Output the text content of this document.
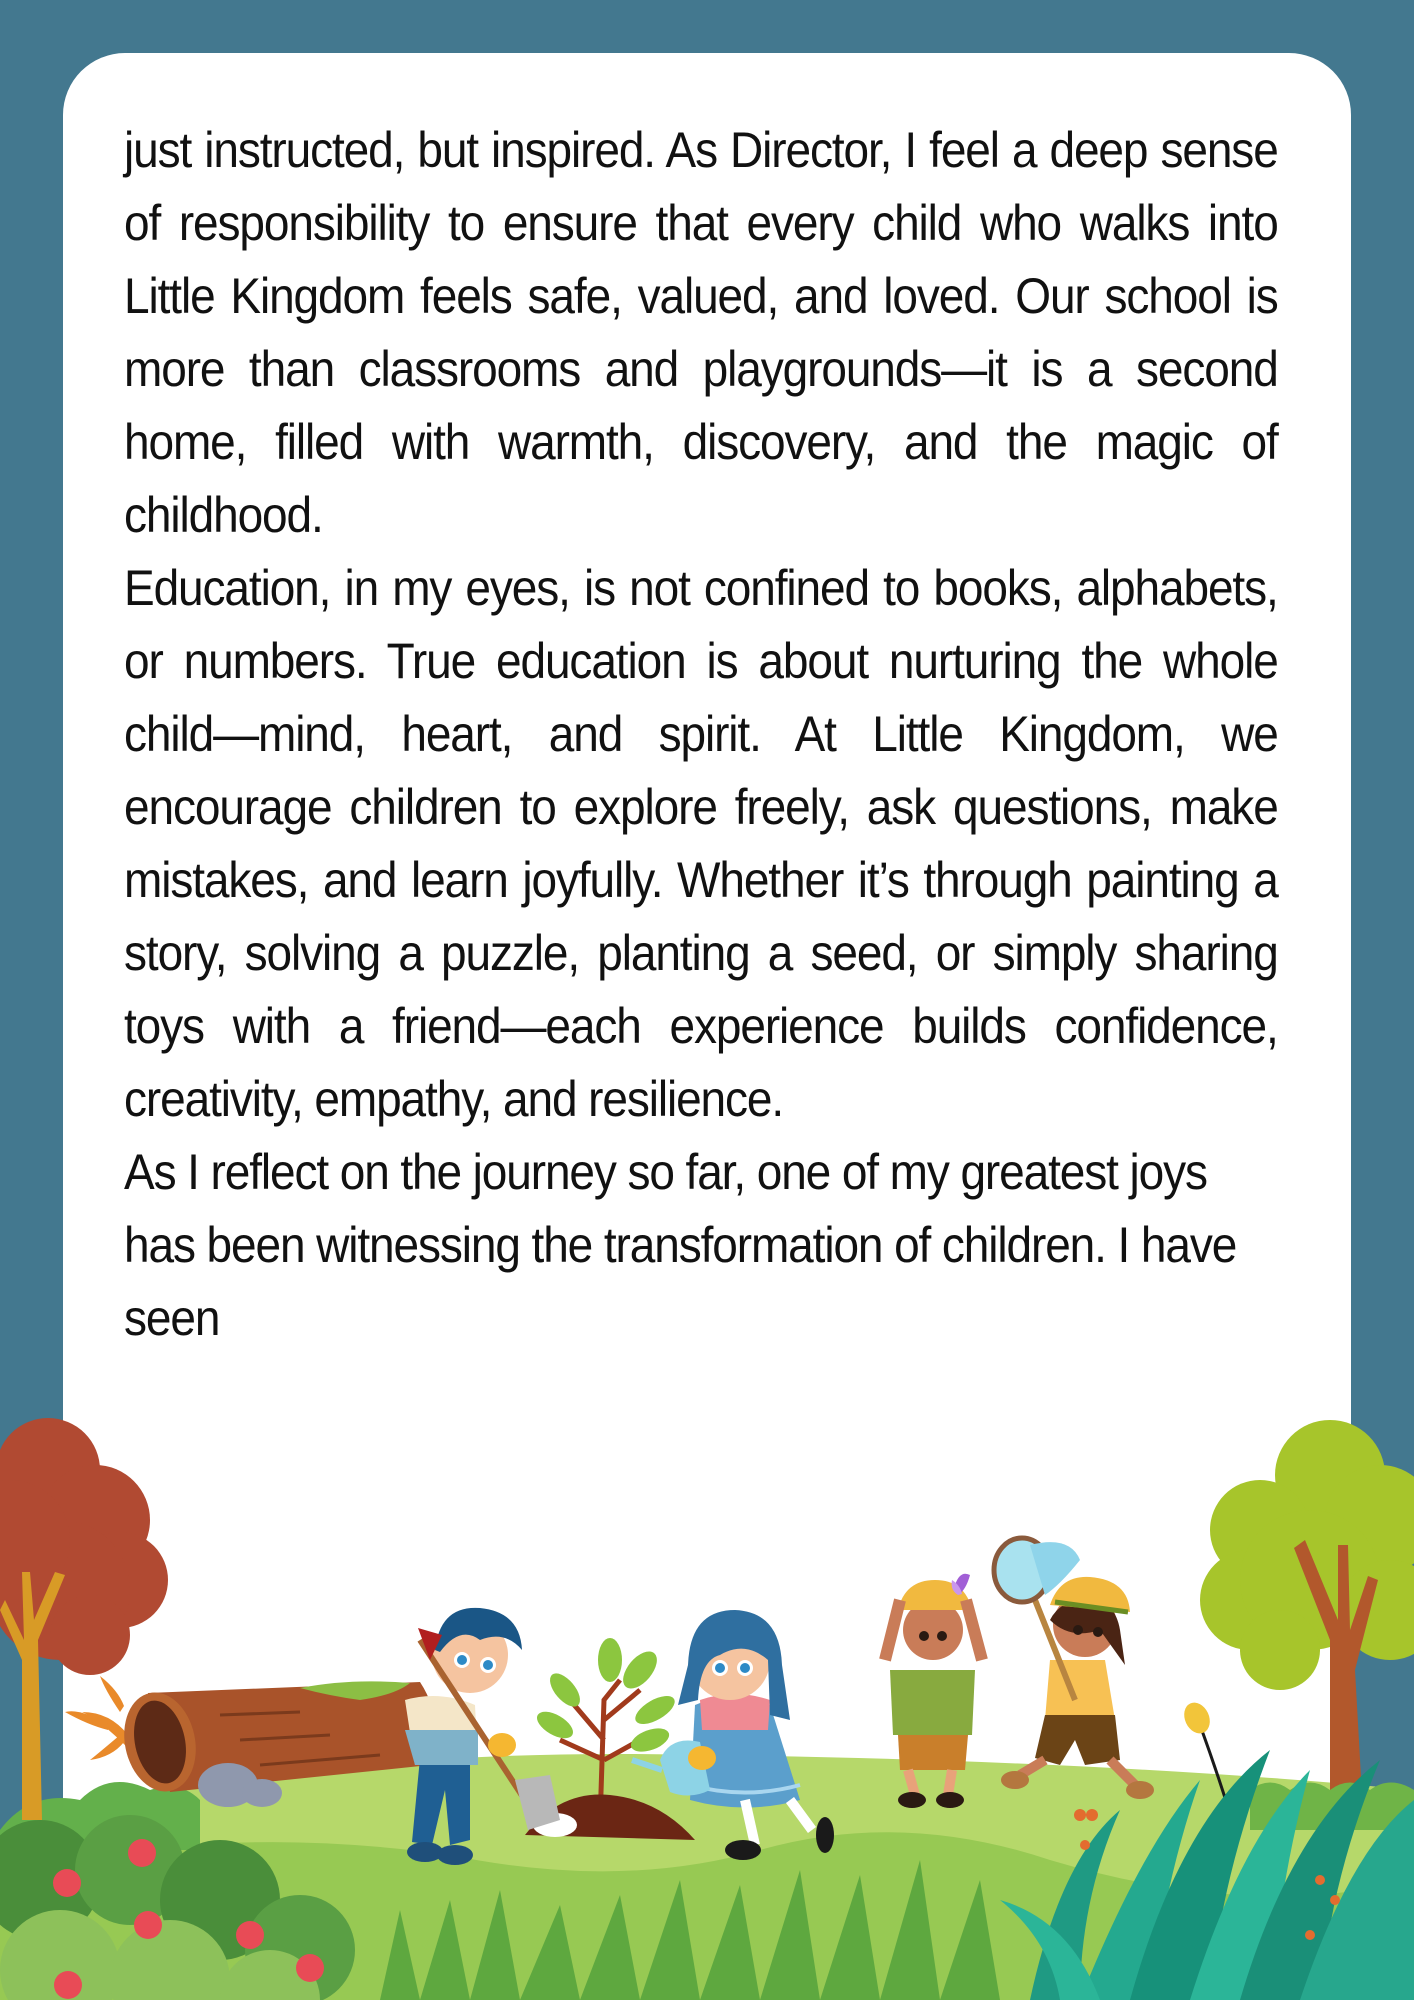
just instructed, but inspired. As Director, I feel a deep sense of responsibility to ensure that every child who walks into Little Kingdom feels safe, valued, and loved. Our school is more than classrooms and playgrounds—it is a second home, filled with warmth, discovery, and the magic of childhood.

Education, in my eyes, is not confined to books, alphabets, or numbers. True education is about nurturing the whole child—mind, heart, and spirit. At Little Kingdom, we encourage children to explore freely, ask questions, make mistakes, and learn joyfully. Whether it’s through painting a story, solving a puzzle, planting a seed, or simply sharing toys with a friend—each experience builds confidence, creativity, empathy, and resilience.

As I reflect on the journey so far, one of my greatest joys has been witnessing the transformation of children. I have seen
